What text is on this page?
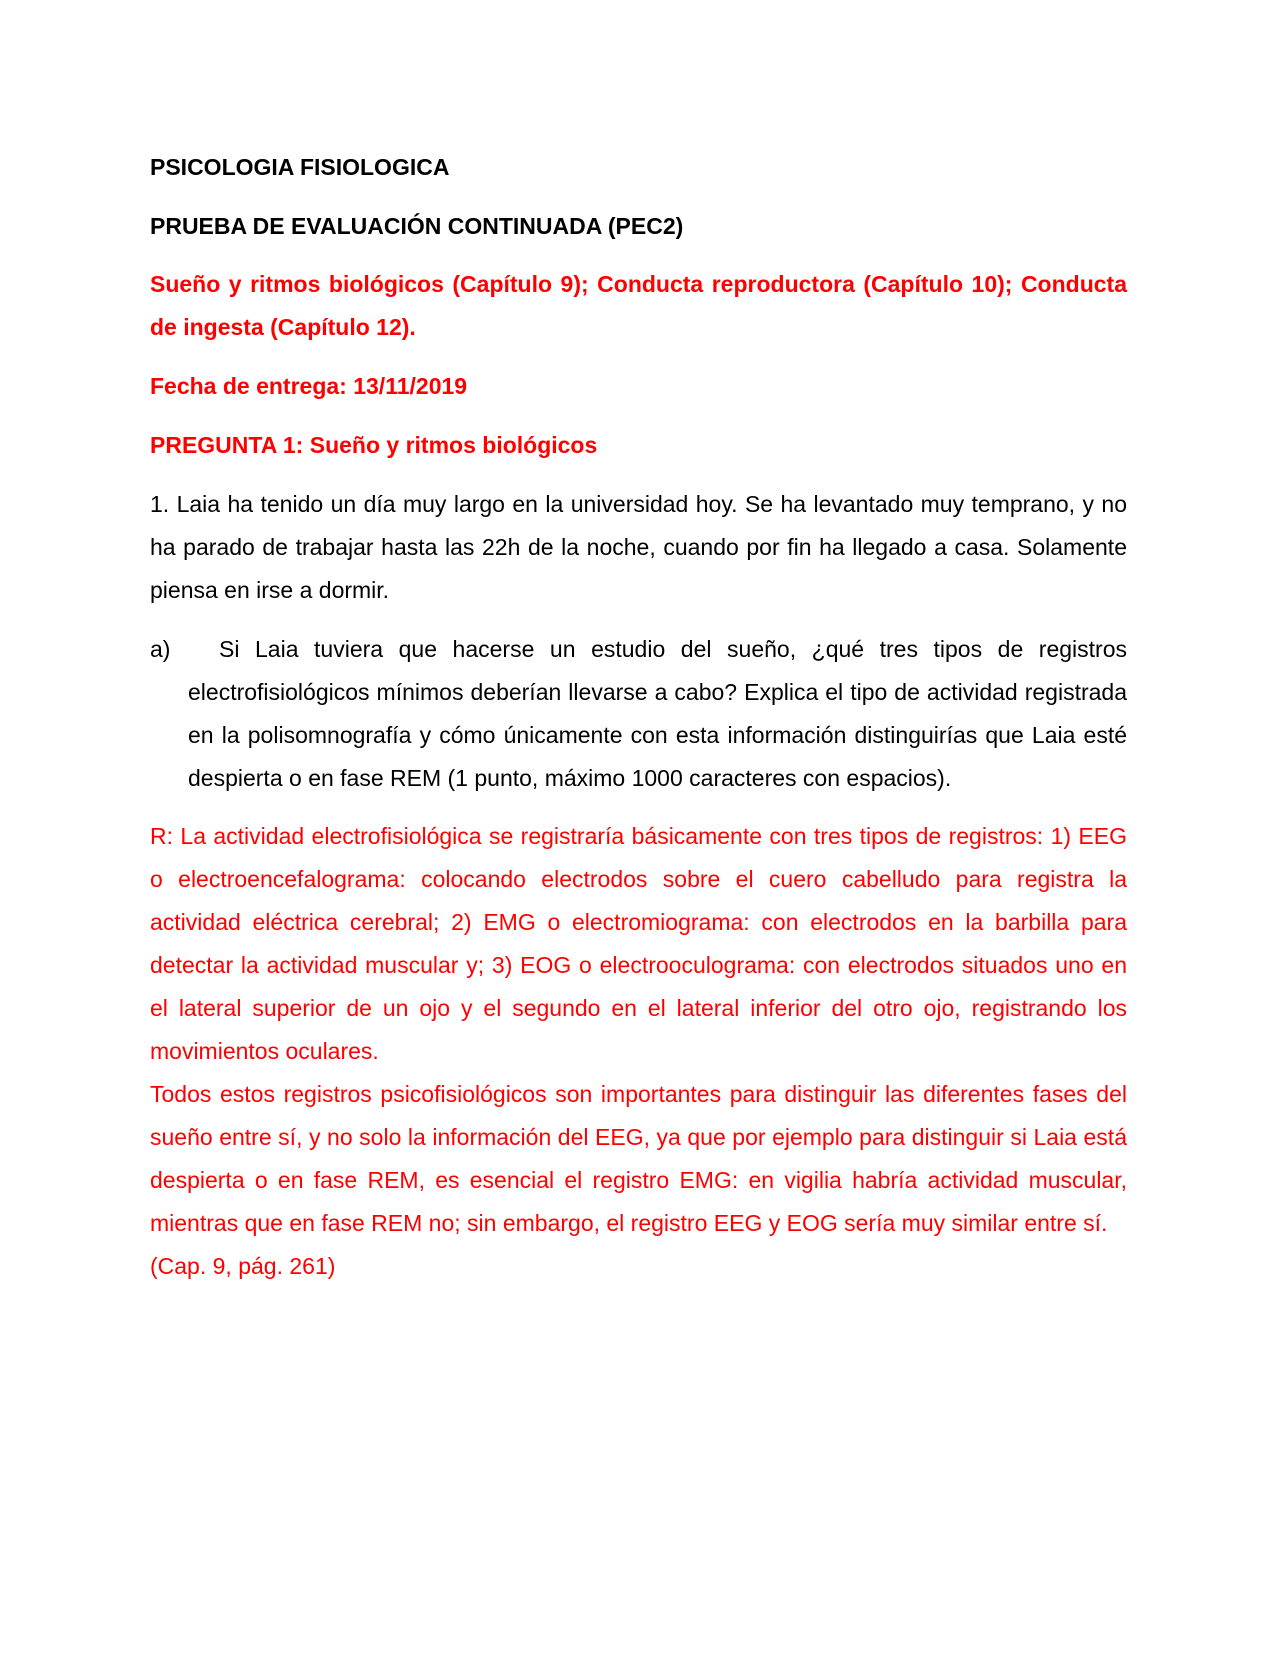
PSICOLOGIA FISIOLOGICA

PRUEBA DE EVALUACIÓN CONTINUADA (PEC2)

Sueño y ritmos biológicos (Capítulo 9); Conducta reproductora (Capítulo 10); Conducta de ingesta (Capítulo 12).

Fecha de entrega: 13/11/2019

PREGUNTA 1: Sueño y ritmos biológicos

1. Laia ha tenido un día muy largo en la universidad hoy. Se ha levantado muy temprano, y no ha parado de trabajar hasta las 22h de la noche, cuando por fin ha llegado a casa. Solamente piensa en irse a dormir.

a)	Si Laia tuviera que hacerse un estudio del sueño, ¿qué tres tipos de registros electrofisiológicos mínimos deberían llevarse a cabo? Explica el tipo de actividad registrada en la polisomnografía y cómo únicamente con esta información distinguirías que Laia esté despierta o en fase REM (1 punto, máximo 1000 caracteres con espacios).

R: La actividad electrofisiológica se registraría básicamente con tres tipos de registros: 1) EEG o electroencefalograma: colocando electrodos sobre el cuero cabelludo para registra la actividad eléctrica cerebral; 2) EMG o electromiograma: con electrodos en la barbilla para detectar la actividad muscular y; 3) EOG o electrooculograma: con electrodos situados uno en el lateral superior de un ojo y el segundo en el lateral inferior del otro ojo, registrando los movimientos oculares.

Todos estos registros psicofisiológicos son importantes para distinguir las diferentes fases del sueño entre sí, y no solo la información del EEG, ya que por ejemplo para distinguir si Laia está despierta o en fase REM, es esencial el registro EMG: en vigilia habría actividad muscular, mientras que en fase REM no; sin embargo, el registro EEG y EOG sería muy similar entre sí.

(Cap. 9, pág. 261)
